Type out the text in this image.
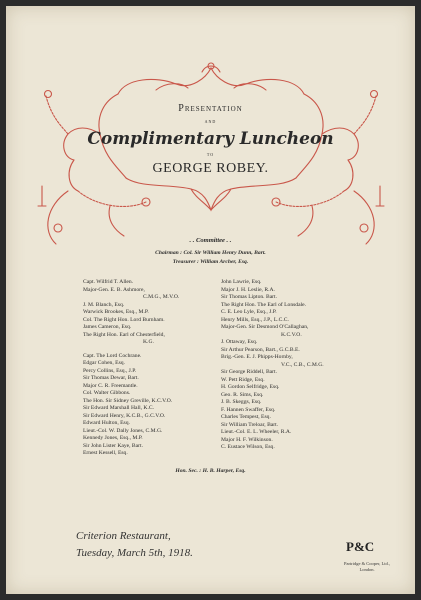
Presentation
and
Complimentary Luncheon
to
GEORGE ROBEY.
. . Committee . .
Chairman : Col. Sir William Henry Dunn, Bart.
Treasurer : William Archer, Esq.
Capt. Wilfrid T. Allen.
Major-Gen. E. B. Ashmore,
C.M.G., M.V.O.
J. M. Blanch, Esq.
Warwick Brookes, Esq., M.P.
Col. The Right Hon. Lord Burnham.
James Cameron, Esq.
The Right Hon. Earl of Chesterfield,
K.G.
Capt. The Lord Cochrane.
Edgar Cohen, Esq.
Percy Collins, Esq., J.P.
Sir Thomas Dewar, Bart.
Major C. R. Freemantle.
Col. Walter Gibbons.
The Hon. Sir Sidney Greville, K.C.V.O.
Sir Edward Marshall Hall, K.C.
Sir Edward Henry, K.C.B., G.C.V.O.
Edward Hulton, Esq.
Lieut.-Col. W. Dally Jones, C.M.G.
Kennedy Jones, Esq., M.P.
Sir John Lister Kaye, Bart.
Ernest Kessell, Esq.
John Lawrie, Esq.
Major J. H. Leslie, R.A.
Sir Thomas Lipton. Bart.
The Right Hon. The Earl of Lonsdale.
C. E. Leo Lyle, Esq., J.P.
Henry Mills, Esq., J.P., L.C.C.
Major-Gen. Sir Desmond O'Callaghan,
K.C.V.O.
J. Ottaway, Esq.
Sir Arthur Pearson, Bart., G.C.B.E.
Brig.-Gen. E. J. Phipps-Hornby,
V.C., C.B., C.M.G.
Sir George Riddell, Bart.
W. Pett Ridge, Esq.
H. Gordon Selfridge, Esq.
Geo. R. Sims, Esq.
J. B. Skeggs, Esq.
F. Hannen Swaffer, Esq.
Charles Tempest, Esq.
Sir William Treloar, Bart.
Lieut.-Col. E. L. Wheeler, R.A.
Major H. F. Wilkinson.
C. Eustace Wilson, Esq.
Hon. Sec. : H. B. Harper, Esq.
Criterion Restaurant,
Tuesday, March 5th, 1918.	P&C
Partridge & Cooper, Ltd.,
London.
